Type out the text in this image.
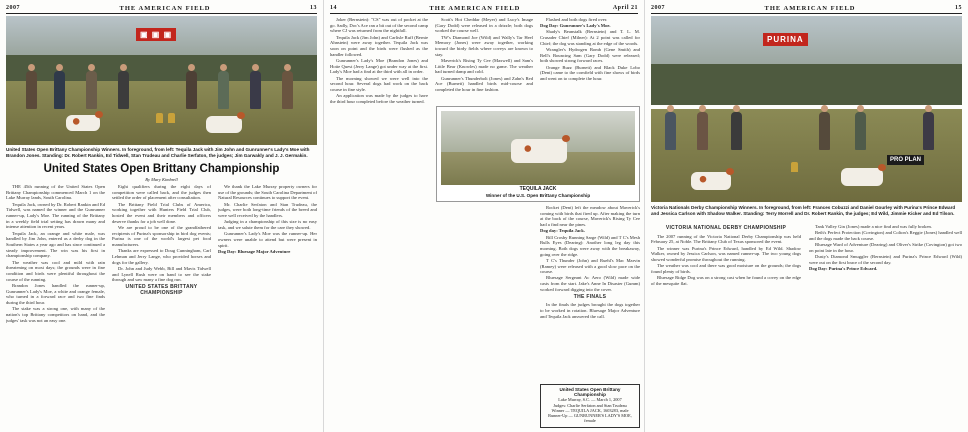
2007	THE AMERICAN FIELD	13
▣ ▣ ▣
United States Open Brittany Championship Winners. In foreground, from left: Tequila Jack with Jim John and Gunrunner's Lady's Moe with Brandon Jones. Standing: Dr. Robert Rankin, Ed Tidwell, Stan Trudeau and Charlie Serfaton, the judges; Jim Garwakly and J. J. Germakin.
United States Open Brittany Championship
By Mary Kimbrell

THE 45th running of the United States Open Brittany Championship commenced March 1 on the Lake Murray lands, South Carolina.

Tequila Jack, owned by Dr. Robert Rankin and Ed Tidwell, was named the winner and the Gunrunner runner-up, Lady's Moe. The running of the Brittany in a weekly field trial setting has drawn many and intense attention in recent years.

Tequila Jack, an orange and white male, was handled by Jim John, entered as a derby dog in the Southern States a year ago and has since continued a steady improvement. The win was his first in championship company.

The weather was cool and mild with rain threatening on most days; the grounds were in fine condition and birds were plentiful throughout the course of the running.

Brandon Jones handled the runner-up, Gunrunner's Lady's Moe, a white and orange female, who turned in a forward race and two fine finds during the third hour.

The stake was a strong one, with many of the nation's top Brittany competitors on hand, and the judges' task was not an easy one.

Eight qualifiers during the eight days of competition were called back, and the judges then settled the order of placement after consultation.

The Brittany Field Trial Clubs of America, working together with Hunters Field Trial Club, hosted the event and their members and officers deserve thanks for a job well done.

We are proud to be one of the grandfathered recipients of Purina's sponsorship in bird dog events; Purina is one of the world's largest pet food manufacturers.

Thanks are expressed to Doug Cunningham, Carl Lehman and Jerry Lange, who provided horses and dogs for the gallery.

Dr. John and Judy Webb, Bill and Mavis Tidwell and Lynell Rush were on hand to see the stake through and saw many a fine dog run.

UNITED STATES BRITTANY CHAMPIONSHIP

We thank the Lake Murray property owners for use of the grounds; the South Carolina Department of Natural Resources continues to support the event.

Mr. Charlie Serfaton and Stan Trudeau, the judges, were both long-time friends of the breed and were well received by the handlers.

Judging in a championship of this size is no easy task, and we salute them for the care they showed.

Gunrunner's Lady's Moe was the runner-up. Her owners were unable to attend but were present in spirit.

Dog Day: Bluesage Major Adventure

14	THE AMERICAN FIELD	April 21

Joker (Bernstein): "CS" was out of pocket at the go. Sadly, Doc's Ace ran a bit out of the second camp where CJ was returned from the nightfall.

Tequila Jack (Jim John) and Carlisle Ruff (Bernie Ahnstein) were away together. Tequila Jack was soon on point and the birds were flushed as the handler followed.

Gunrunner's Lady's Moe (Brandon Jones) and Hotie Quest (Jerry Lange) got under way at the first. Lady's Moe had a find at the third with all in order.

The morning showed we were well into the second hour. Several dogs had work on the back course in fine style.

An application was made by the judges to have the third hour completed before the weather turned.

Scott's Hot Cheddar (Meyer) and Lucy's Image (Gary Dodd) were released in a drizzle; both dogs worked the course well.

TW's Diamond Joe (Wild) and Wally's Tar Heel Memory (Jones) were away together, working toward the birdy fields where coveys are known to stay.

Maverick's Rising Ty Cee (Maxwell) and Sam's Little Bear (Knowles) made no game. The weather had turned damp and cold.

Gunrunner's Thunderbolt (Jones) and Zahn's Red Ace (Burnett) handled birds mid-course and completed the hour in fine fashion.

Flashed and both dogs fired over.

Dog Day: Gunrunner's Lady's Moe.

Shady's Beanstalk (Bernstein) and T. L. M. Crusader Chief (Milner): At 2 point was called for Chief; the dog was standing at the edge of the woods.

Wrangler's Hydrogen Bomb (Gene Smith) and Bell's Bouncing Sam (Gary Dodd) were released; both showed strong forward races.

Orange Buzz (Burnett) and Black Duke Lobo (Dent) came to the cornfield with fine shows of birds and went on to complete the hour.

TEQUILA JACK
Winner of the U.S. Open Brittany Championship

Rocket (Dent) left the meadow about Maverick's coming with birds that fired up. After making the turn at the back of the course, Maverick's Rising Ty Cee had a find near the pines.

Dog day: Tequila Jack.

Bill Crosby Running Sarge (Wild) and T C's Mesh Bulls Eyes (Dearing): Another long leg day this morning. Both dogs were away with the breakaway, going over the ridge.

T C's Thunder (John) and Ruehl's Mac Marvin (Ramey) were released with a good slow pace on the course.

Bluesage Sergeant Ac Aero (Wild) made wide casts from the start. Jake's Anne In Disaster (Gumm) worked forward digging into the cover.

THE FINALS

In the finals the judges brought the dogs together to be worked in rotation. Bluesage Major Adventure and Tequila Jack answered the call.

United States Open Brittany Championship
Lake Murray, S.C. — March 1, 2007
Judges: Charlie Serfaton and Stan Trudeau
Winner — TEQUILA JACK, 1603283, male
Runner-Up — GUNRUNNER'S LADY'S MOE, female
2007	THE AMERICAN FIELD	15
PURINA
PRO PLAN
Victoria Nationals Derby Championship Winners. In foreground, from left: Frances Cobuzzi and Daniel Gourley with Purina's Prince Edward and Jessica Carlson with Shadow Walker. Standing: Terry Morrell and Dr. Robert Rankin, the judges; Ed Wild, Jimmie Kicker and Ed Tilson.

VICTORIA NATIONAL DERBY CHAMPIONSHIP

The 2007 running of the Victoria National Derby Championship was held February 25, at Noble. The Brittany Club of Texas sponsored the event.

The winner was Purina's Prince Edward, handled by Ed Wild. Shadow Walker, owned by Jessica Carlson, was named runner-up. The two young dogs showed wonderful promise throughout the running.

The weather was cool and there was good moisture on the grounds; the dogs found plenty of birds.

Bluesage Ridge Dog was on a strong cast when he found a covey on the edge of the mesquite flat.

Tank Valley Gin (Jones) made a nice find and was fully broken.

Beth's Perfect Protection (Covington) and Colton's Reggie (Jones) handled well and the dogs made the back course.

Bluesage Ward of Adventure (Dearing) and Oliver's Strike (Covington) got two on point late in the hour.

Dusty's Diamond Smuggler (Bernstein) and Purina's Prince Edward (Wild) were out on the first brace of the second day.

Dog Day: Purina's Prince Edward.
